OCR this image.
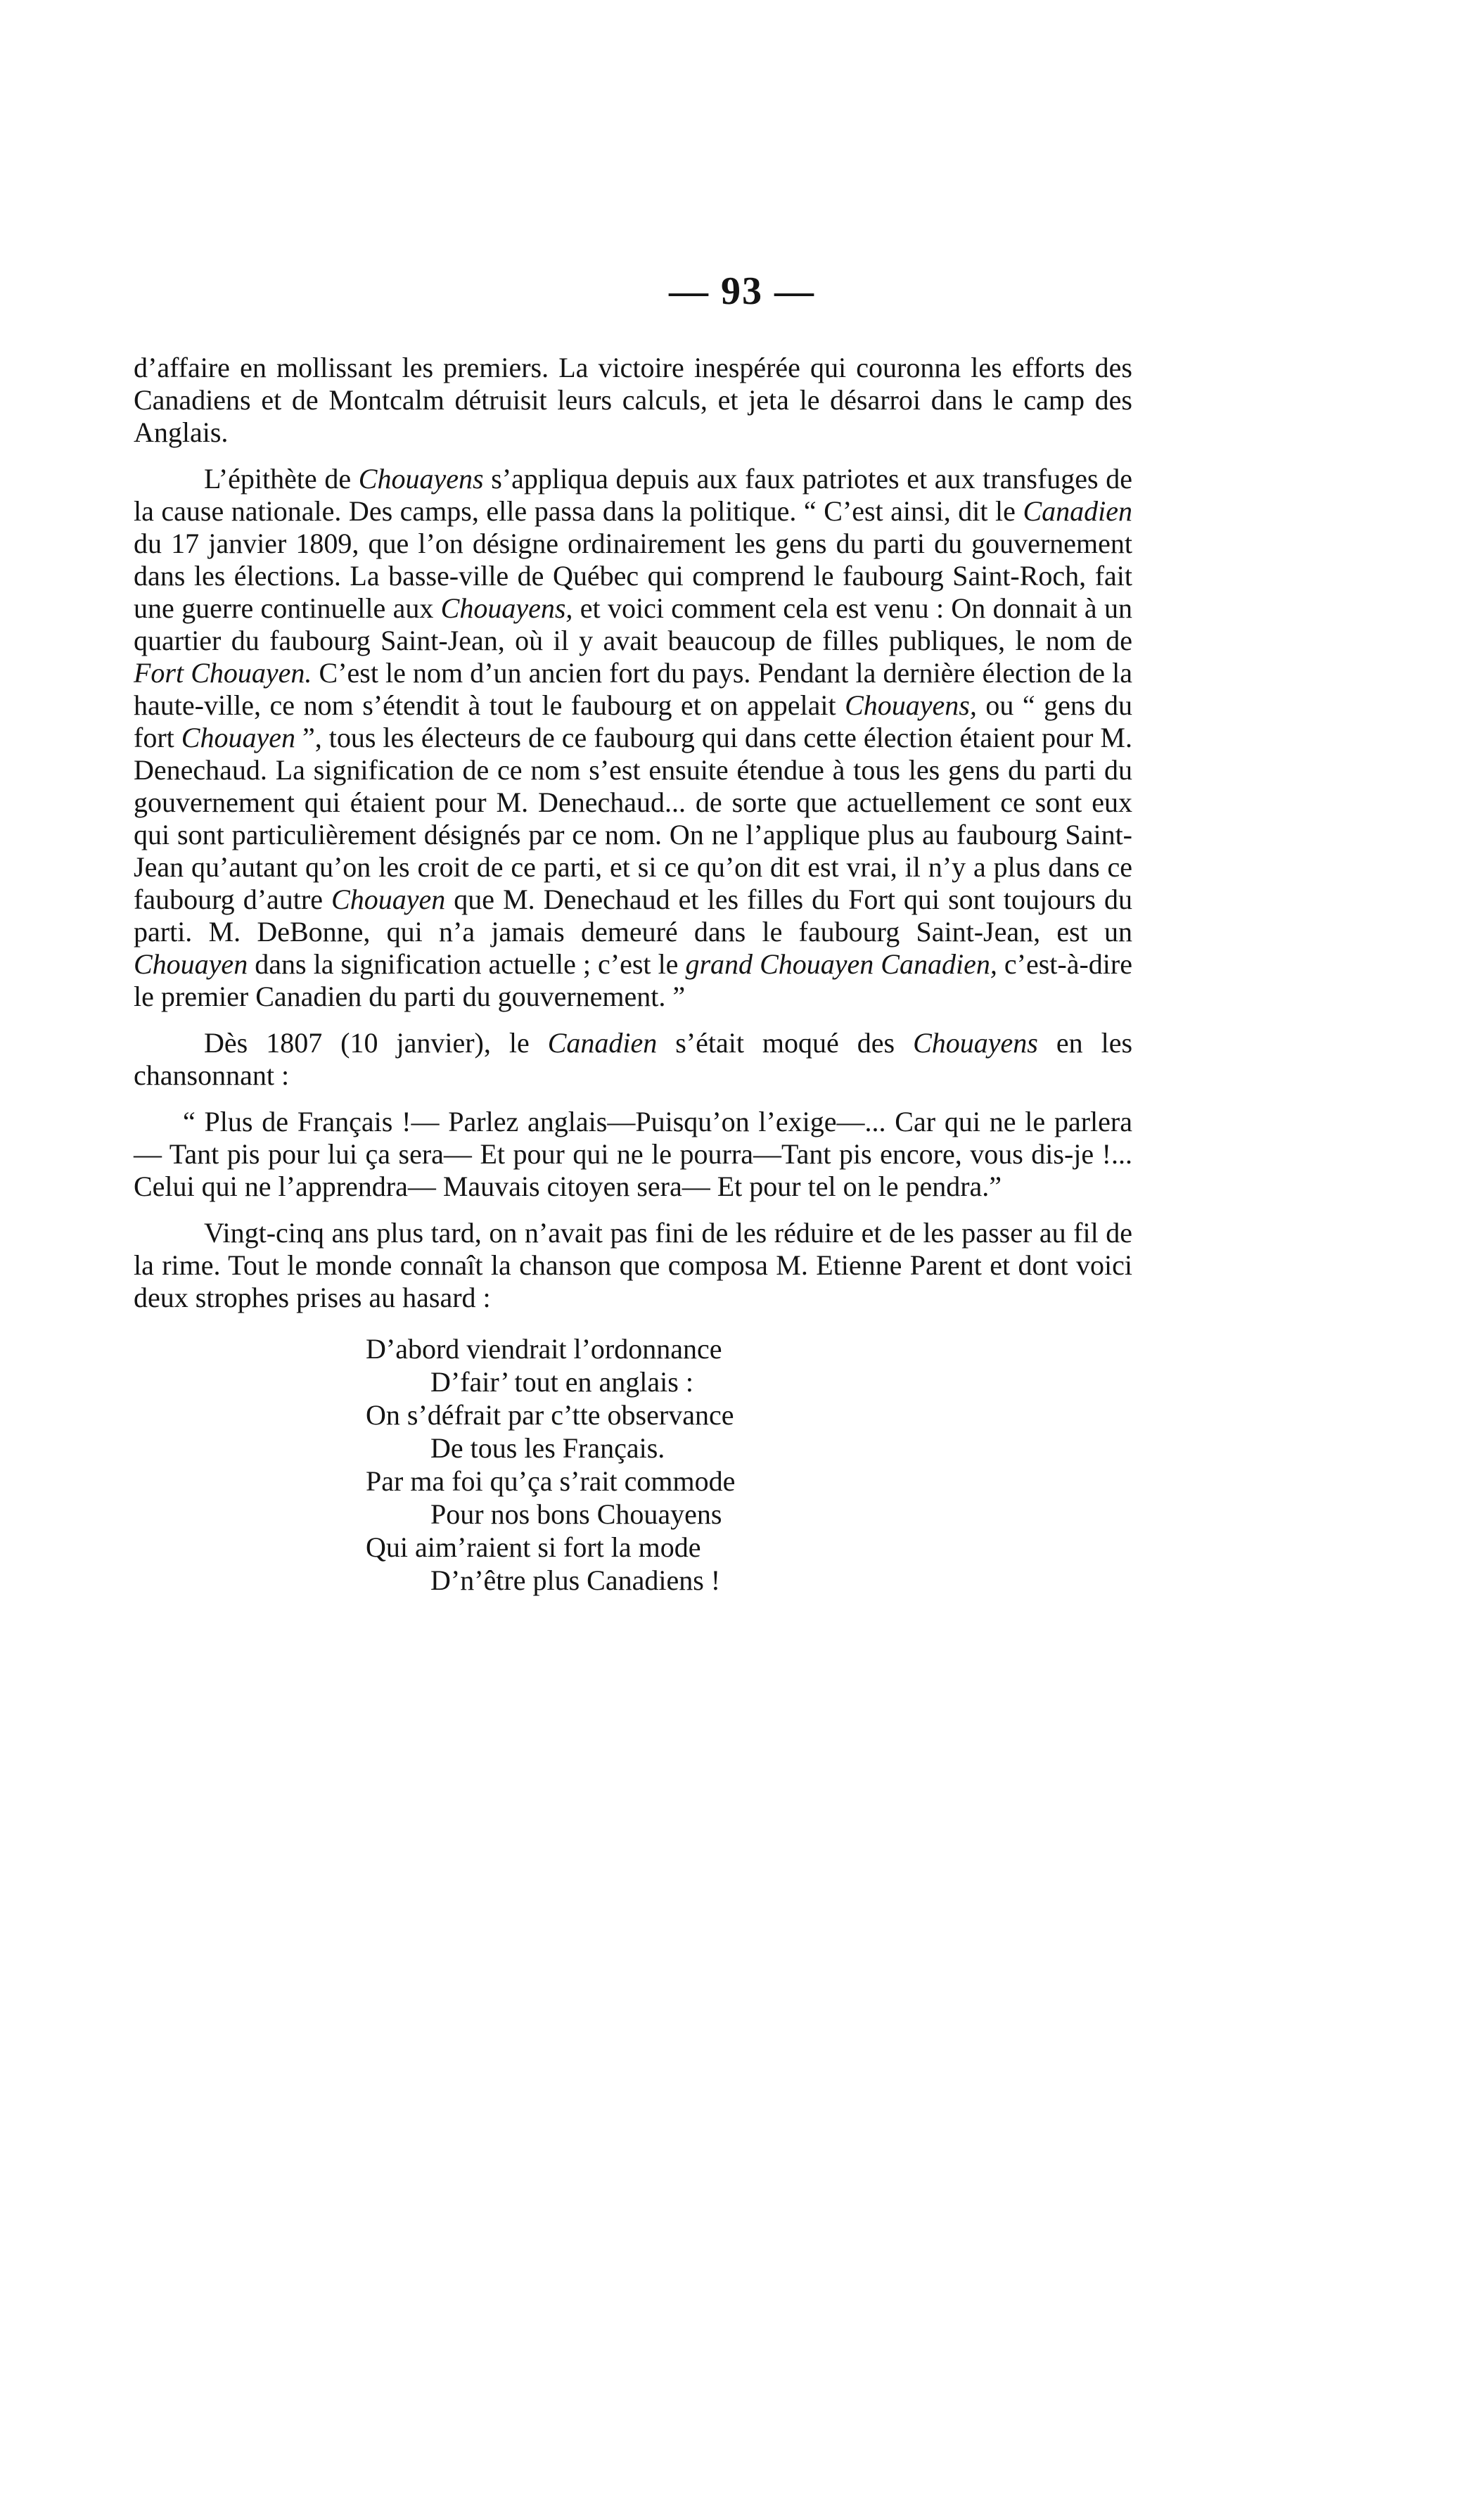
— 93 —

d’affaire en mollissant les premiers. La victoire inespérée qui couronna les efforts des Canadiens et de Montcalm détruisit leurs calculs, et jeta le désarroi dans le camp des Anglais.

L’épithète de Chouayens s’appliqua depuis aux faux patriotes et aux transfuges de la cause nationale. Des camps, elle passa dans la politique. “ C’est ainsi, dit le Canadien du 17 janvier 1809, que l’on désigne ordinairement les gens du parti du gouvernement dans les élections. La basse-ville de Québec qui comprend le faubourg Saint-Roch, fait une guerre continuelle aux Chouayens, et voici comment cela est venu : On donnait à un quartier du faubourg Saint-Jean, où il y avait beaucoup de filles publiques, le nom de Fort Chouayen. C’est le nom d’un ancien fort du pays. Pendant la dernière élection de la haute-ville, ce nom s’étendit à tout le faubourg et on appelait Chouayens, ou “ gens du fort Chouayen ”, tous les électeurs de ce faubourg qui dans cette élection étaient pour M. Denechaud. La signification de ce nom s’est ensuite étendue à tous les gens du parti du gouvernement qui étaient pour M. Denechaud... de sorte que actuellement ce sont eux qui sont particulièrement désignés par ce nom. On ne l’applique plus au faubourg Saint-Jean qu’autant qu’on les croit de ce parti, et si ce qu’on dit est vrai, il n’y a plus dans ce faubourg d’autre Chouayen que M. Denechaud et les filles du Fort qui sont toujours du parti. M. DeBonne, qui n’a jamais demeuré dans le faubourg Saint-Jean, est un Chouayen dans la signification actuelle ; c’est le grand Chouayen Canadien, c’est-à-dire le premier Canadien du parti du gouvernement. ”

Dès 1807 (10 janvier), le Canadien s’était moqué des Chouayens en les chansonnant :

“ Plus de Français !— Parlez anglais—Puisqu’on l’exige—... Car qui ne le parlera— Tant pis pour lui ça sera— Et pour qui ne le pourra—Tant pis encore, vous dis-je !... Celui qui ne l’apprendra— Mauvais citoyen sera— Et pour tel on le pendra.”

Vingt-cinq ans plus tard, on n’avait pas fini de les réduire et de les passer au fil de la rime. Tout le monde connaît la chanson que composa M. Etienne Parent et dont voici deux strophes prises au hasard :

D’abord viendrait l’ordonnance
D’fair’ tout en anglais :
On s’défrait par c’tte observance
De tous les Français.
Par ma foi qu’ça s’rait commode
Pour nos bons Chouayens
Qui aim’raient si fort la mode
D’n’être plus Canadiens !
